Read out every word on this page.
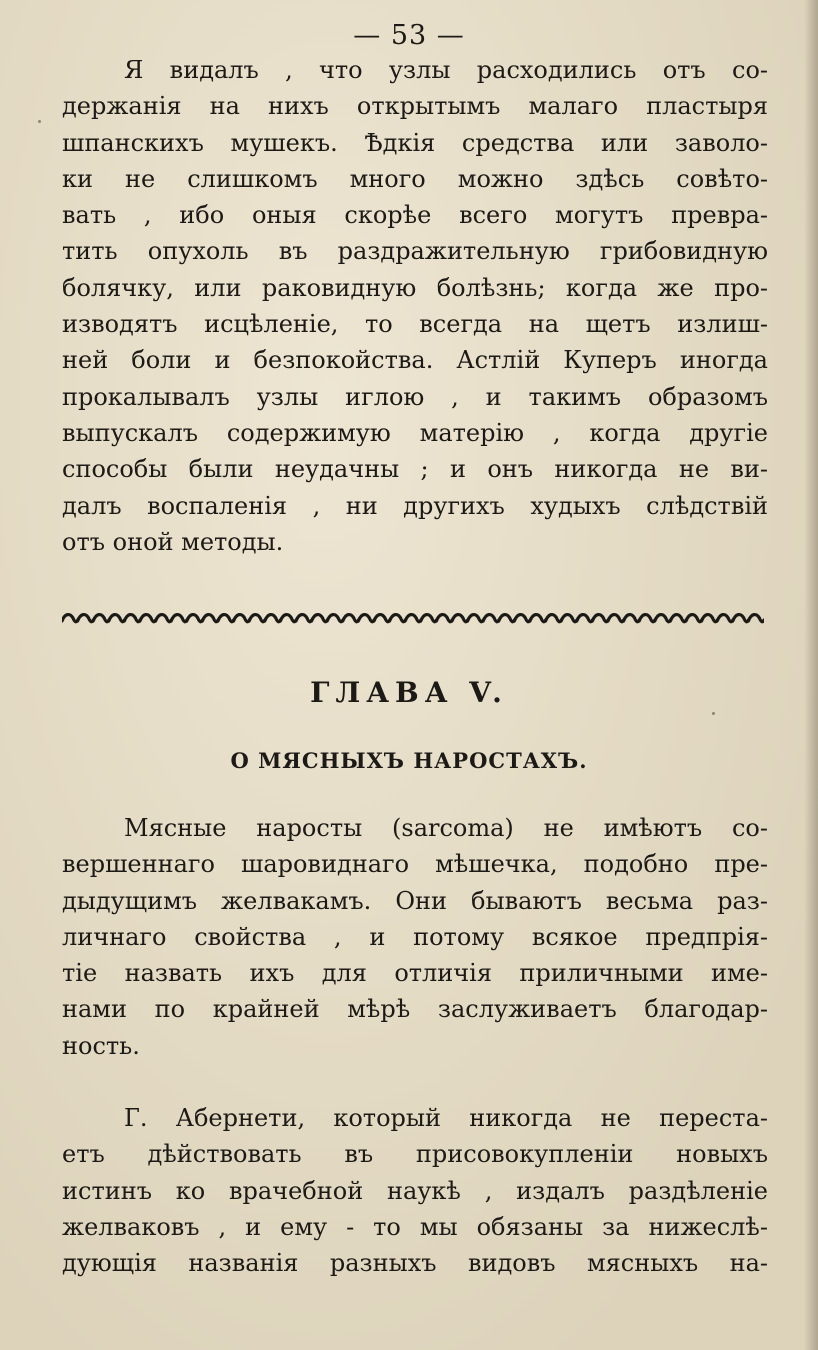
— 53 —
Я видалъ , что узлы расходились отъ со-
держанія на нихъ открытымъ малаго пластыря
шпанскихъ мушекъ. Ѣдкія средства или заволо-
ки не слишкомъ много можно здѣсь совѣтo-
вать , ибо оныя скорѣе всего могутъ превра-
тить опухоль въ раздражительную грибовидную
болячку, или раковидную болѣзнь; когда же про-
изводятъ исцѣленіе, то всегда на щетъ излиш-
ней боли и безпокойства. Астлій Куперъ иногда
прокалывалъ узлы иглою , и такимъ образомъ
выпускалъ содержимую матерію , когда другіе
способы были неудачны ; и онъ никогда не ви-
далъ воспаленія , ни другихъ худыхъ слѣдствій
отъ оной методы.
ГЛАВА V.
О МЯСНЫХЪ НАРОСТАХЪ.
Мясные наросты (sarcoma) не имѣютъ со-
вершеннаго шаровиднаго мѣшечка, подобно пре-
дыдущимъ желвакамъ. Они бываютъ весьма раз-
личнаго свойства , и потому всякое предпрія-
тіе назвать ихъ для отличія приличными име-
нами по крайней мѣрѣ заслуживаетъ благодар-
ность.
Г. Абернети, который никогда не переста-
етъ дѣйствовать въ присовокупленіи новыхъ
истинъ ко врачебной наукѣ , издалъ раздѣленіе
желваковъ , и ему - то мы обязаны за нижеслѣ-
дующія названія разныхъ видовъ мясныхъ на-
